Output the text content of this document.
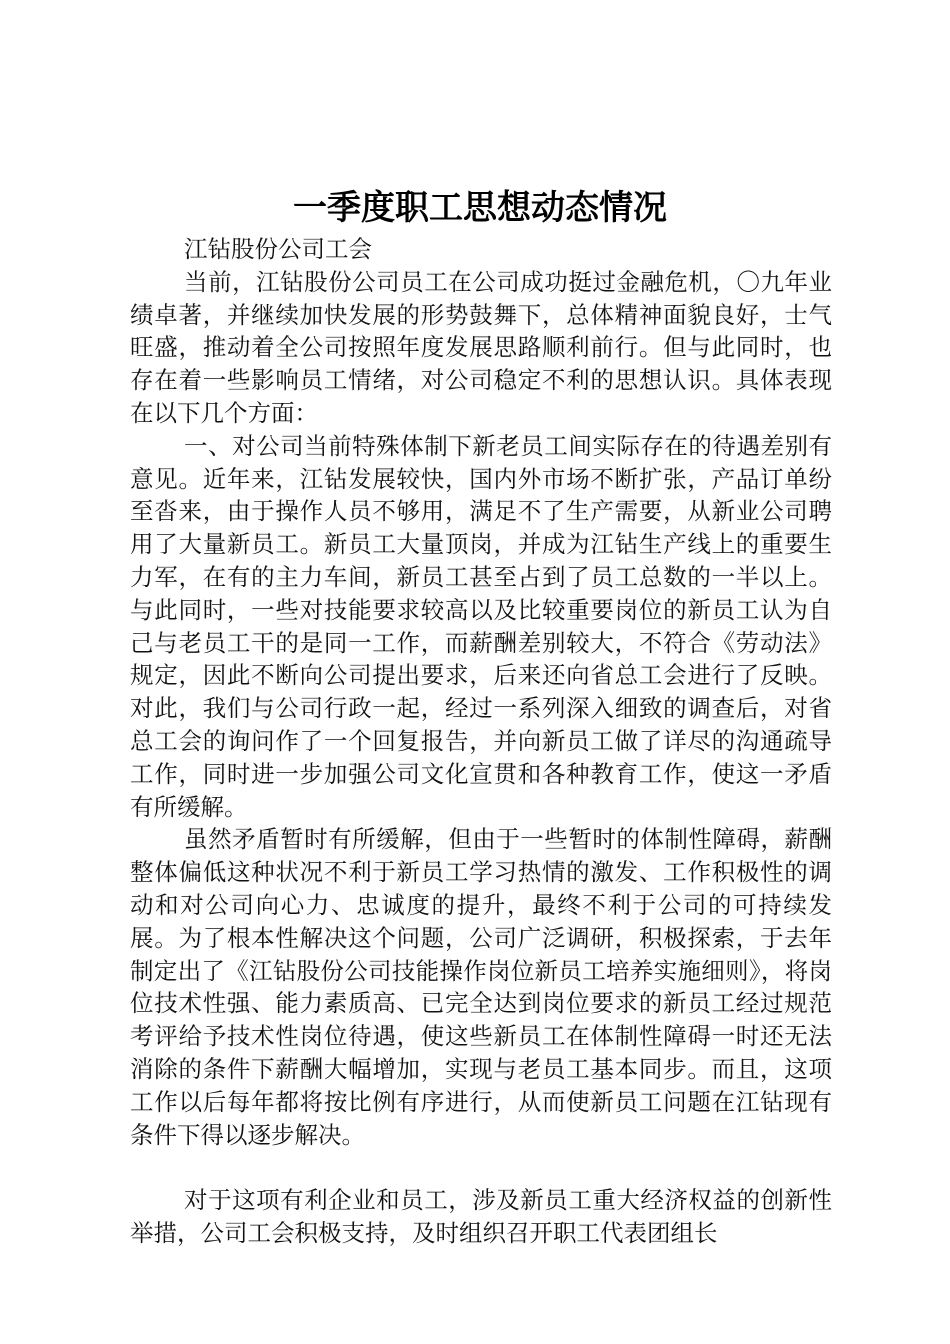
一季度职工思想动态情况

江钻股份公司工会

当前，江钻股份公司员工在公司成功挺过金融危机，〇九年业绩卓著，并继续加快发展的形势鼓舞下，总体精神面貌良好，士气旺盛，推动着全公司按照年度发展思路顺利前行。但与此同时，也存在着一些影响员工情绪，对公司稳定不利的思想认识。具体表现在以下几个方面：

一、对公司当前特殊体制下新老员工间实际存在的待遇差别有意见。近年来，江钻发展较快，国内外市场不断扩张，产品订单纷至沓来，由于操作人员不够用，满足不了生产需要，从新业公司聘用了大量新员工。新员工大量顶岗，并成为江钻生产线上的重要生力军，在有的主力车间，新员工甚至占到了员工总数的一半以上。与此同时，一些对技能要求较高以及比较重要岗位的新员工认为自己与老员工干的是同一工作，而薪酬差别较大，不符合《劳动法》规定，因此不断向公司提出要求，后来还向省总工会进行了反映。对此，我们与公司行政一起，经过一系列深入细致的调查后，对省总工会的询问作了一个回复报告，并向新员工做了详尽的沟通疏导工作，同时进一步加强公司文化宣贯和各种教育工作，使这一矛盾有所缓解。

虽然矛盾暂时有所缓解，但由于一些暂时的体制性障碍，薪酬整体偏低这种状况不利于新员工学习热情的激发、工作积极性的调动和对公司向心力、忠诚度的提升，最终不利于公司的可持续发展。为了根本性解决这个问题，公司广泛调研，积极探索，于去年制定出了《江钻股份公司技能操作岗位新员工培养实施细则》，将岗位技术性强、能力素质高、已完全达到岗位要求的新员工经过规范考评给予技术性岗位待遇，使这些新员工在体制性障碍一时还无法消除的条件下薪酬大幅增加，实现与老员工基本同步。而且，这项工作以后每年都将按比例有序进行，从而使新员工问题在江钻现有条件下得以逐步解决。

对于这项有利企业和员工，涉及新员工重大经济权益的创新性举措，公司工会积极支持，及时组织召开职工代表团组长
